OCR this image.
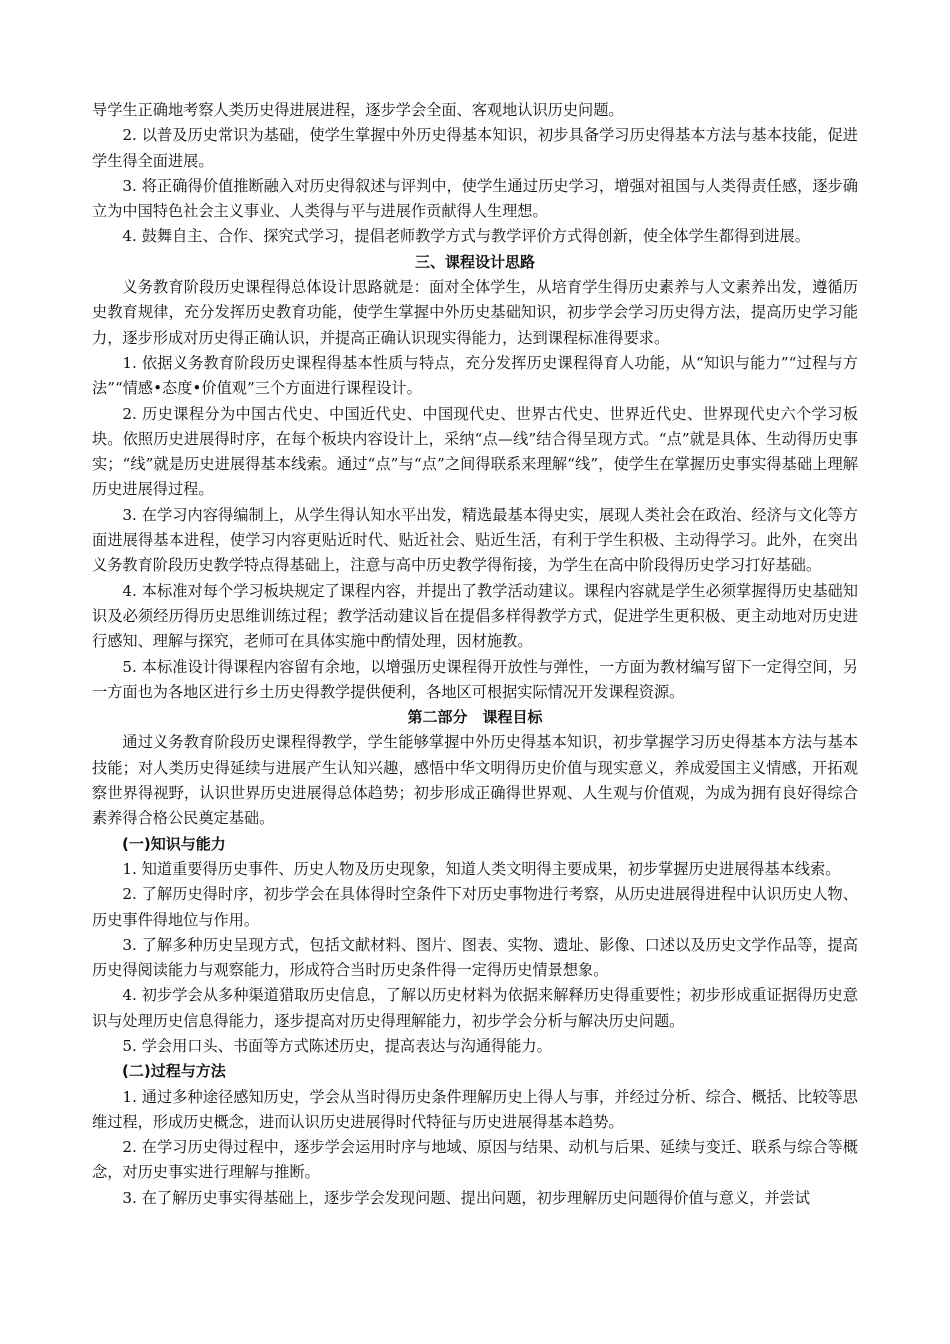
导学生正确地考察人类历史得进展进程，逐步学会全面、客观地认识历史问题。

2. 以普及历史常识为基础，使学生掌握中外历史得基本知识，初步具备学习历史得基本方法与基本技能，促进学生得全面进展。

3. 将正确得价值推断融入对历史得叙述与评判中，使学生通过历史学习，增强对祖国与人类得责任感，逐步确立为中国特色社会主义事业、人类得与平与进展作贡献得人生理想。

4. 鼓舞自主、合作、探究式学习，提倡老师教学方式与教学评价方式得创新，使全体学生都得到进展。

三、课程设计思路

义务教育阶段历史课程得总体设计思路就是：面对全体学生，从培育学生得历史素养与人文素养出发，遵循历史教育规律，充分发挥历史教育功能，使学生掌握中外历史基础知识，初步学会学习历史得方法，提高历史学习能力，逐步形成对历史得正确认识，并提高正确认识现实得能力，达到课程标准得要求。

1. 依据义务教育阶段历史课程得基本性质与特点，充分发挥历史课程得育人功能，从“知识与能力”“过程与方法”“情感•态度•价值观”三个方面进行课程设计。

2. 历史课程分为中国古代史、中国近代史、中国现代史、世界古代史、世界近代史、世界现代史六个学习板块。依照历史进展得时序，在每个板块内容设计上，采纳“点—线”结合得呈现方式。“点”就是具体、生动得历史事实；“线”就是历史进展得基本线索。通过“点”与“点”之间得联系来理解“线”，使学生在掌握历史事实得基础上理解历史进展得过程。

3. 在学习内容得编制上，从学生得认知水平出发，精选最基本得史实，展现人类社会在政治、经济与文化等方面进展得基本进程，使学习内容更贴近时代、贴近社会、贴近生活，有利于学生积极、主动得学习。此外，在突出义务教育阶段历史教学特点得基础上，注意与高中历史教学得衔接，为学生在高中阶段得历史学习打好基础。

4. 本标准对每个学习板块规定了课程内容，并提出了教学活动建议。课程内容就是学生必须掌握得历史基础知识及必须经历得历史思维训练过程；教学活动建议旨在提倡多样得教学方式，促进学生更积极、更主动地对历史进行感知、理解与探究，老师可在具体实施中酌情处理，因材施教。

5. 本标准设计得课程内容留有余地，以增强历史课程得开放性与弹性，一方面为教材编写留下一定得空间，另一方面也为各地区进行乡土历史得教学提供便利，各地区可根据实际情况开发课程资源。

第二部分　课程目标

通过义务教育阶段历史课程得教学，学生能够掌握中外历史得基本知识，初步掌握学习历史得基本方法与基本技能；对人类历史得延续与进展产生认知兴趣，感悟中华文明得历史价值与现实意义，养成爱国主义情感，开拓观察世界得视野，认识世界历史进展得总体趋势；初步形成正确得世界观、人生观与价值观，为成为拥有良好得综合素养得合格公民奠定基础。

(一)知识与能力

1. 知道重要得历史事件、历史人物及历史现象，知道人类文明得主要成果，初步掌握历史进展得基本线索。

2. 了解历史得时序，初步学会在具体得时空条件下对历史事物进行考察，从历史进展得进程中认识历史人物、历史事件得地位与作用。

3. 了解多种历史呈现方式，包括文献材料、图片、图表、实物、遗址、影像、口述以及历史文学作品等，提高历史得阅读能力与观察能力，形成符合当时历史条件得一定得历史情景想象。

4. 初步学会从多种渠道猎取历史信息，了解以历史材料为依据来解释历史得重要性；初步形成重证据得历史意识与处理历史信息得能力，逐步提高对历史得理解能力，初步学会分析与解决历史问题。

5. 学会用口头、书面等方式陈述历史，提高表达与沟通得能力。

(二)过程与方法

1. 通过多种途径感知历史，学会从当时得历史条件理解历史上得人与事，并经过分析、综合、概括、比较等思维过程，形成历史概念，进而认识历史进展得时代特征与历史进展得基本趋势。

2. 在学习历史得过程中，逐步学会运用时序与地域、原因与结果、动机与后果、延续与变迁、联系与综合等概念，对历史事实进行理解与推断。

3. 在了解历史事实得基础上，逐步学会发现问题、提出问题，初步理解历史问题得价值与意义，并尝试
